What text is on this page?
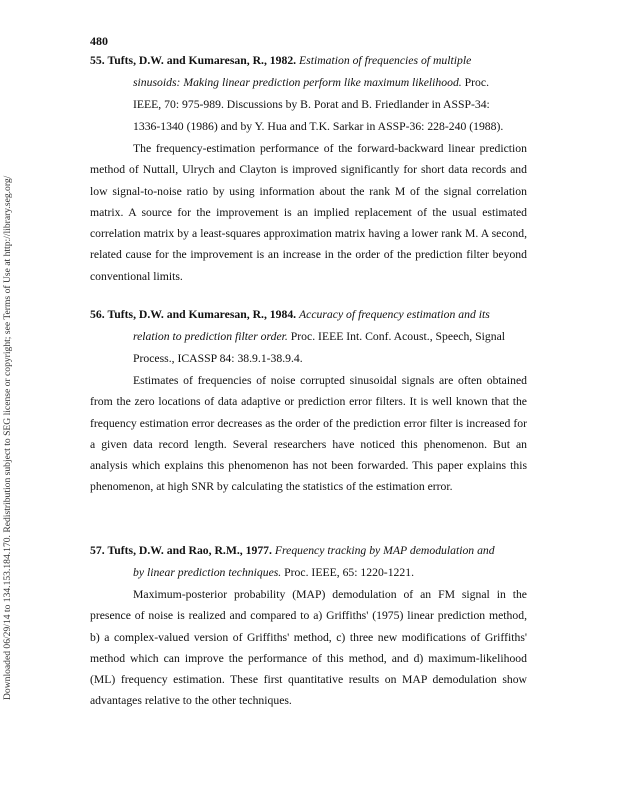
Downloaded 06/29/14 to 134.153.184.170. Redistribution subject to SEG license or copyright; see Terms of Use at http://library.seg.org/
480
55. Tufts, D.W. and Kumaresan, R., 1982. Estimation of frequencies of multiple
sinusoids: Making linear prediction perform like maximum likelihood. Proc.
IEEE, 70: 975-989. Discussions by B. Porat and B. Friedlander in ASSP-34:
1336-1340 (1986) and by Y. Hua and T.K. Sarkar in ASSP-36: 228-240 (1988).

The frequency-estimation performance of the forward-backward linear prediction method of Nuttall, Ulrych and Clayton is improved significantly for short data records and low signal-to-noise ratio by using information about the rank M of the signal correlation matrix. A source for the improvement is an implied replacement of the usual estimated correlation matrix by a least-squares approximation matrix having a lower rank M. A second, related cause for the improvement is an increase in the order of the prediction filter beyond conventional limits.

56. Tufts, D.W. and Kumaresan, R., 1984. Accuracy of frequency estimation and its
relation to prediction filter order. Proc. IEEE Int. Conf. Acoust., Speech, Signal
Process., ICASSP 84: 38.9.1-38.9.4.

Estimates of frequencies of noise corrupted sinusoidal signals are often obtained from the zero locations of data adaptive or prediction error filters. It is well known that the frequency estimation error decreases as the order of the prediction error filter is increased for a given data record length. Several researchers have noticed this phenomenon. But an analysis which explains this phenomenon has not been forwarded. This paper explains this phenomenon, at high SNR by calculating the statistics of the estimation error.

57. Tufts, D.W. and Rao, R.M., 1977. Frequency tracking by MAP demodulation and
by linear prediction techniques. Proc. IEEE, 65: 1220-1221.

Maximum-posterior probability (MAP) demodulation of an FM signal in the presence of noise is realized and compared to a) Griffiths' (1975) linear prediction method, b) a complex-valued version of Griffiths' method, c) three new modifications of Griffiths' method which can improve the performance of this method, and d) maximum-likelihood (ML) frequency estimation. These first quantitative results on MAP demodulation show advantages relative to the other techniques.
